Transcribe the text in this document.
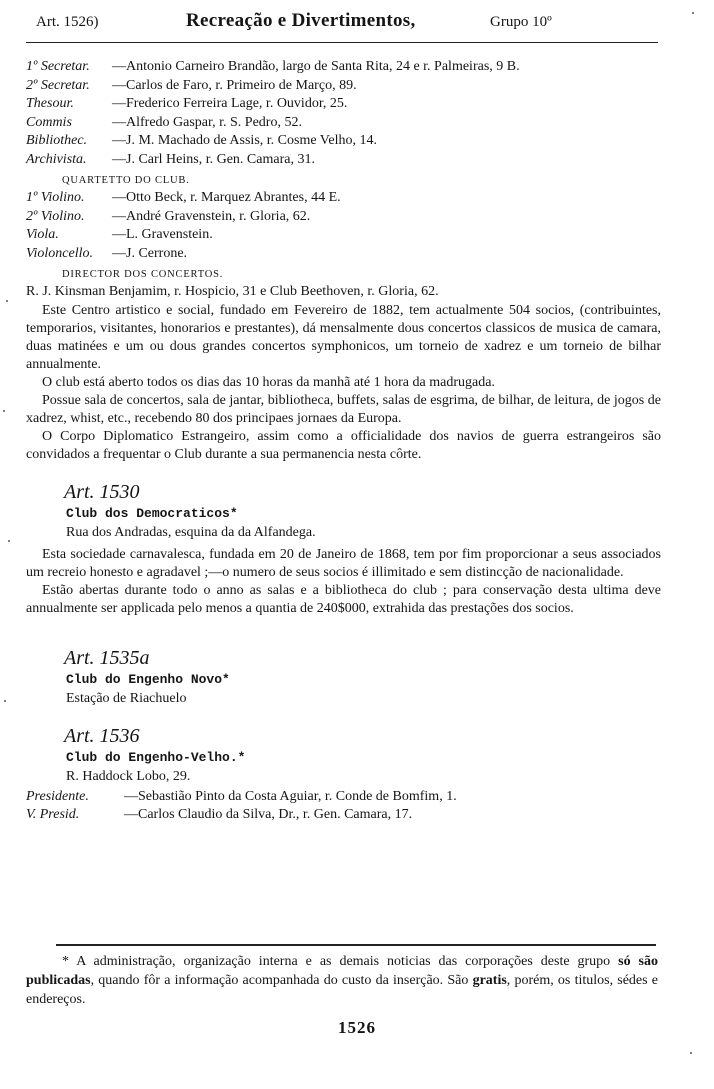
Art. 1526)	Recreação e Divertimentos,	Grupo 10º
1º Secretar. —Antonio Carneiro Brandão, largo de Santa Rita, 24 e r. Palmeiras, 9 B.
2º Secretar. —Carlos de Faro, r. Primeiro de Março, 89.
Thesour.	—Frederico Ferreira Lage, r. Ouvidor, 25.
Commis	—Alfredo Gaspar, r. S. Pedro, 52.
Bibliothec. —J. M. Machado de Assis, r. Cosme Velho, 14.
Archivista. —J. Carl Heins, r. Gen. Camara, 31.
QUARTETTO DO CLUB.
1º Violino. —Otto Beck, r. Marquez Abrantes, 44 E.
2º Violino. —André Gravenstein, r. Gloria, 62.
Viola.	—L. Gravenstein.
Violoncello. —J. Cerrone.
DIRECTOR DOS CONCERTOS.
R. J. Kinsman Benjamim, r. Hospicio, 31 e Club Beethoven, r. Gloria, 62.

Este Centro artistico e social, fundado em Fevereiro de 1882, tem actualmente 504 socios, (contribuintes, temporarios, visitantes, honorarios e prestantes), dá mensalmente dous concertos classicos de musica de camara, duas matinées e um ou dous grandes concertos symphonicos, um torneio de xadrez e um torneio de bilhar annualmente.

O club está aberto todos os dias das 10 horas da manhã até 1 hora da madrugada.

Possue sala de concertos, sala de jantar, bibliotheca, buffets, salas de esgrima, de bilhar, de leitura, de jogos de xadrez, whist, etc., recebendo 80 dos principaes jornaes da Europa.

O Corpo Diplomatico Estrangeiro, assim como a officialidade dos navios de guerra estrangeiros são convidados a frequentar o Club durante a sua permanencia nesta côrte.

Art. 1530
Club dos Democraticos*
Rua dos Andradas, esquina da da Alfandega.

Esta sociedade carnavalesca, fundada em 20 de Janeiro de 1868, tem por fim proporcionar a seus associados um recreio honesto e agradavel ;—o numero de seus socios é illimitado e sem distincção de nacionalidade.

Estão abertas durante todo o anno as salas e a bibliotheca do club ; para conservação desta ultima deve annualmente ser applicada pelo menos a quantia de 240$000, extrahida das prestações dos socios.

Art. 1535a
Club do Engenho Novo*
Estação de Riachuelo
Art. 1536
Club do Engenho-Velho.*
R. Haddock Lobo, 29.
Presidente.	—Sebastião Pinto da Costa Aguiar, r. Conde de Bomfim, 1.
V. Presid.	—Carlos Claudio da Silva, Dr., r. Gen. Camara, 17.
* A administração, organização interna e as demais noticias das corporações deste grupo só são publicadas, quando fôr a informação acompanhada do custo da inserção. São gratis, porém, os titulos, sédes e endereços.
1526
